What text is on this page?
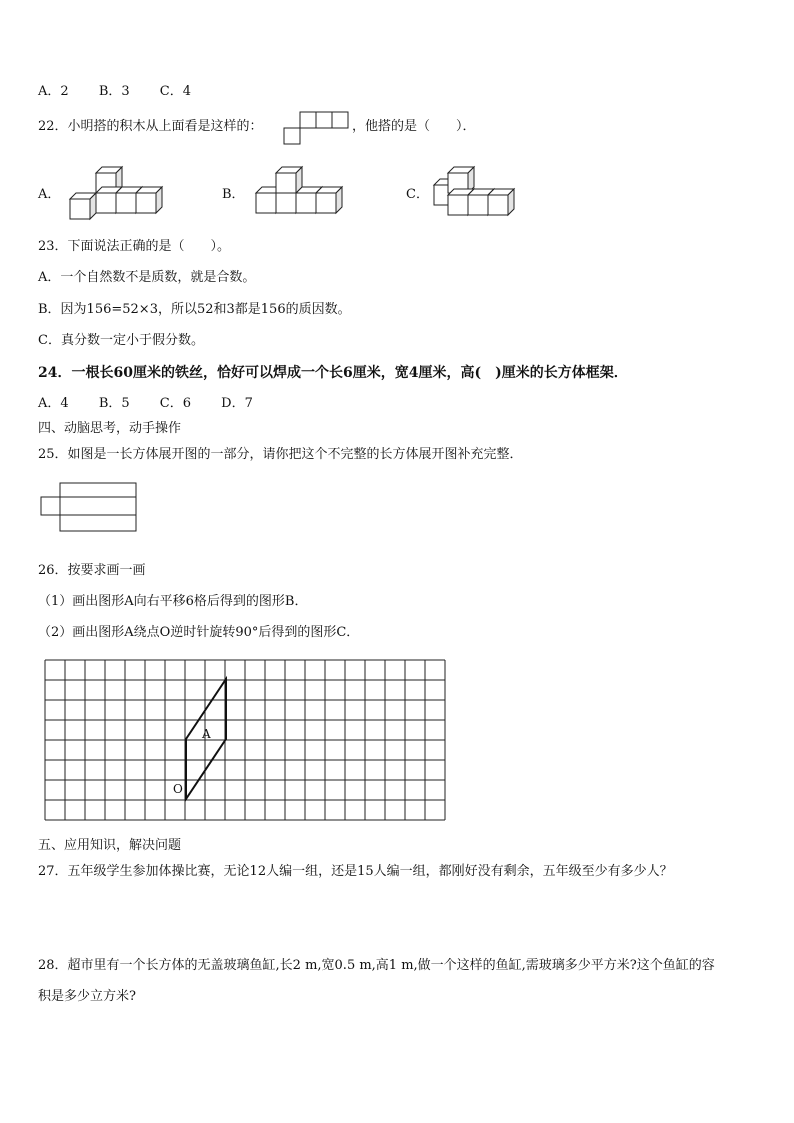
A．2 B．3 C．4
22．小明搭的积木从上面看是这样的：	，他搭的是（　　）．
A．	B．	C．
23．下面说法正确的是（　　）。
A．一个自然数不是质数，就是合数。
B．因为156=52×3，所以52和3都是156的质因数。
C．真分数一定小于假分数。
24．一根长60厘米的铁丝，恰好可以焊成一个长6厘米，宽4厘米，高(　)厘米的长方体框架．
A．4 B．5 C．6 D．7
四、动脑思考，动手操作
25．如图是一长方体展开图的一部分，请你把这个不完整的长方体展开图补充完整．
26．按要求画一画
（1）画出图形A向右平移6格后得到的图形B．
（2）画出图形A绕点O逆时针旋转90°后得到的图形C．
A
O
五、应用知识，解决问题
27．五年级学生参加体操比赛，无论12人编一组，还是15人编一组，都刚好没有剩余，五年级至少有多少人？
28．超市里有一个长方体的无盖玻璃鱼缸,长2 m,宽0.5 m,高1 m,做一个这样的鱼缸,需玻璃多少平方米?这个鱼缸的容
积是多少立方米?
